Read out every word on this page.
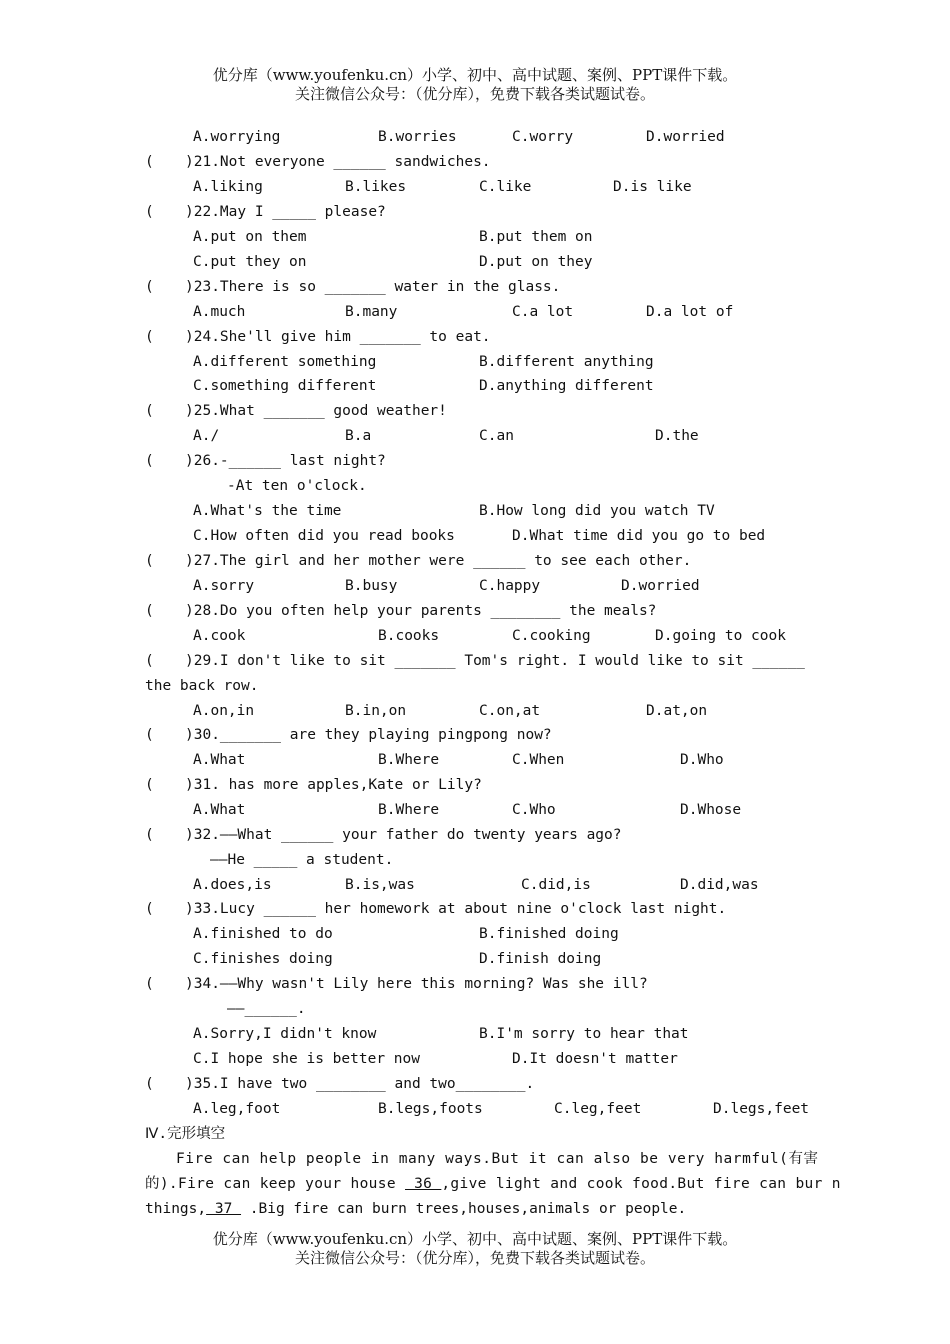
优分库（www.youfenku.cn）小学、初中、高中试题、案例、PPT课件下载。
关注微信公众号：（优分库），免费下载各类试题试卷。
A.worrying	B.worries	C.worry	D.worried
( )21.Not everyone ______ sandwiches.
A.liking	B.likes	C.like	D.is like
( )22.May I _____ please?
A.put on them	B.put them on
C.put they on	D.put on they
( )23.There is so _______ water in the glass.
A.much	B.many	C.a lot	D.a lot of
( )24.She'll give him _______ to eat.
A.different something	B.different anything
C.something different	D.anything different
( )25.What _______ good weather!
A./	B.a	C.an	D.the
( )26.-______ last night?
-At ten o'clock.
A.What's the time	B.How long did you watch TV
C.How often did you read books	D.What time did you go to bed
( )27.The girl and her mother were ______ to see each other.
A.sorry	B.busy	C.happy	D.worried
( )28.Do you often help your parents ________ the meals?
A.cook	B.cooks	C.cooking	D.going to cook
( )29.I don't like to sit _______ Tom's right. I would like to sit ______
the back row.
A.on,in	B.in,on	C.on,at	D.at,on
( )30._______ are they playing pingpong now?
A.What	B.Where	C.When	D.Who
( )31. has more apples,Kate or Lily?
A.What	B.Where	C.Who	D.Whose
( )32.——What ______ your father do twenty years ago?
——He _____ a student.
A.does,is	B.is,was	C.did,is	D.did,was
( )33.Lucy ______ her homework at about nine o'clock last night.
A.finished to do	B.finished doing
C.finishes doing	D.finish doing
( )34.——Why wasn't Lily here this morning? Was she ill?
——______.
A.Sorry,I didn't know	B.I'm sorry to hear that
C.I hope she is better now	D.It doesn't matter
( )35.I have two ________ and two________.
A.leg,foot	B.legs,foots	C.leg,feet	D.legs,feet
Ⅳ.完形填空
Fire can help people in many ways.But it can also be very harmful(有害
的).Fire can keep your house  36 ,give light and cook food.But fire can bur n
things, 37  .Big fire can burn trees,houses,animals or people.
优分库（www.youfenku.cn）小学、初中、高中试题、案例、PPT课件下载。
关注微信公众号：（优分库），免费下载各类试题试卷。
